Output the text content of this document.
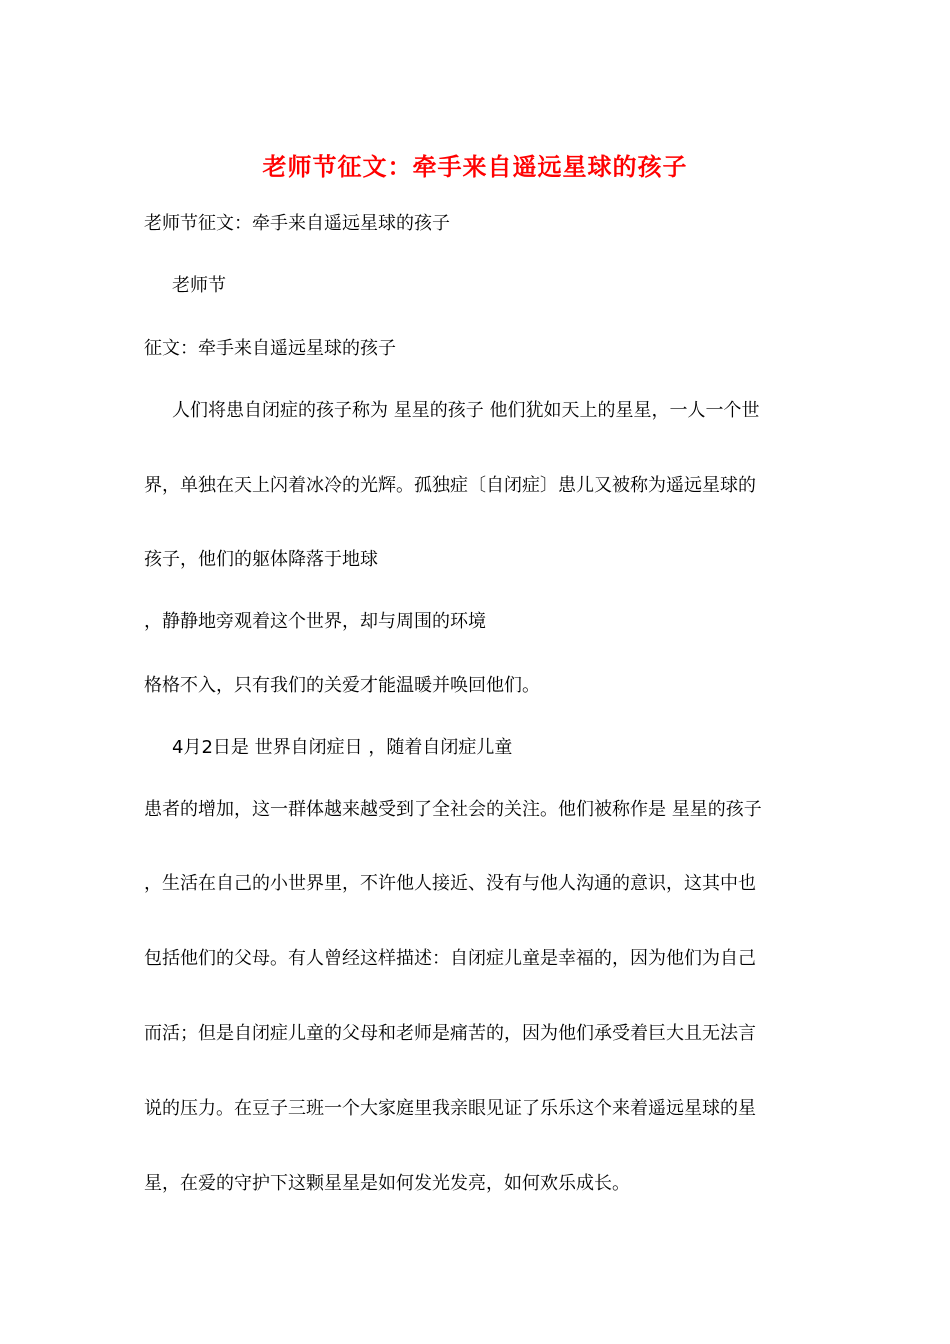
老师节征文：牵手来自遥远星球的孩子
老师节征文：牵手来自遥远星球的孩子
老师节
征文：牵手来自遥远星球的孩子
人们将患自闭症的孩子称为 星星的孩子 他们犹如天上的星星，一人一个世
界，单独在天上闪着冰冷的光辉。孤独症〔自闭症〕患儿又被称为遥远星球的
孩子，他们的躯体降落于地球
，静静地旁观着这个世界，却与周围的环境
格格不入，只有我们的关爱才能温暖并唤回他们。
4月2日是 世界自闭症日 ，随着自闭症儿童
患者的增加，这一群体越来越受到了全社会的关注。他们被称作是 星星的孩子
，生活在自己的小世界里，不许他人接近、没有与他人沟通的意识，这其中也
包括他们的父母。有人曾经这样描述：自闭症儿童是幸福的，因为他们为自己
而活；但是自闭症儿童的父母和老师是痛苦的，因为他们承受着巨大且无法言
说的压力。在豆子三班一个大家庭里我亲眼见证了乐乐这个来着遥远星球的星
星，在爱的守护下这颗星星是如何发光发亮，如何欢乐成长。
